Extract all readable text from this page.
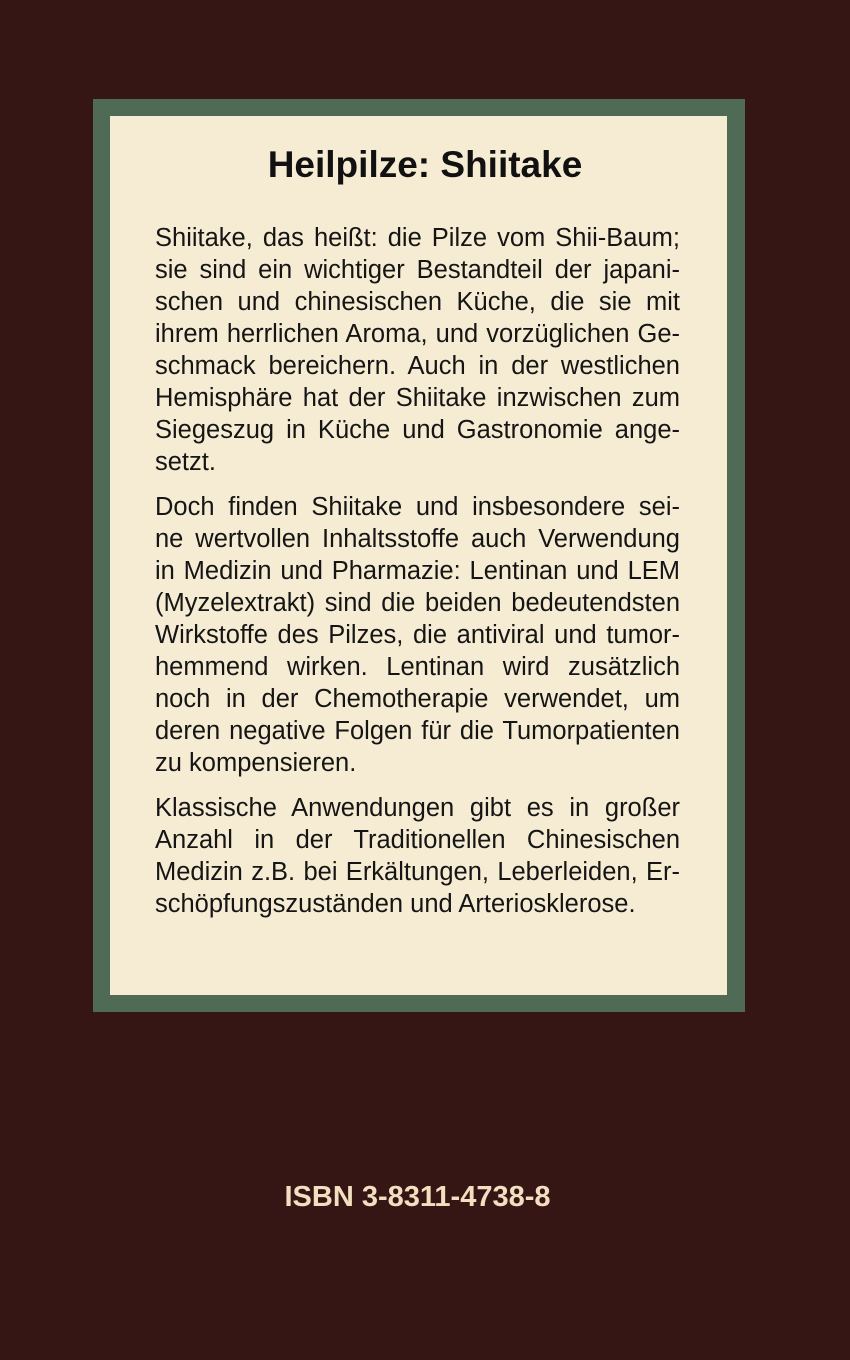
Heilpilze: Shiitake
Shiitake, das heißt: die Pilze vom Shii-Baum;
sie sind ein wichtiger Bestandteil der japani-
schen und chinesischen Küche, die sie mit
ihrem herrlichen Aroma, und vorzüglichen Ge-
schmack bereichern. Auch in der westlichen
Hemisphäre hat der Shiitake inzwischen zum
Siegeszug in Küche und Gastronomie ange-
setzt.
Doch finden Shiitake und insbesondere sei-
ne wertvollen Inhaltsstoffe auch Verwendung
in Medizin und Pharmazie: Lentinan und LEM
(Myzelextrakt) sind die beiden bedeutendsten
Wirkstoffe des Pilzes, die antiviral und tumor-
hemmend wirken. Lentinan wird zusätzlich
noch in der Chemotherapie verwendet, um
deren negative Folgen für die Tumorpatienten
zu kompensieren.
Klassische Anwendungen gibt es in großer
Anzahl in der Traditionellen Chinesischen
Medizin z.B. bei Erkältungen, Leberleiden, Er-
schöpfungszuständen und Arteriosklerose.
ISBN 3-8311-4738-8
